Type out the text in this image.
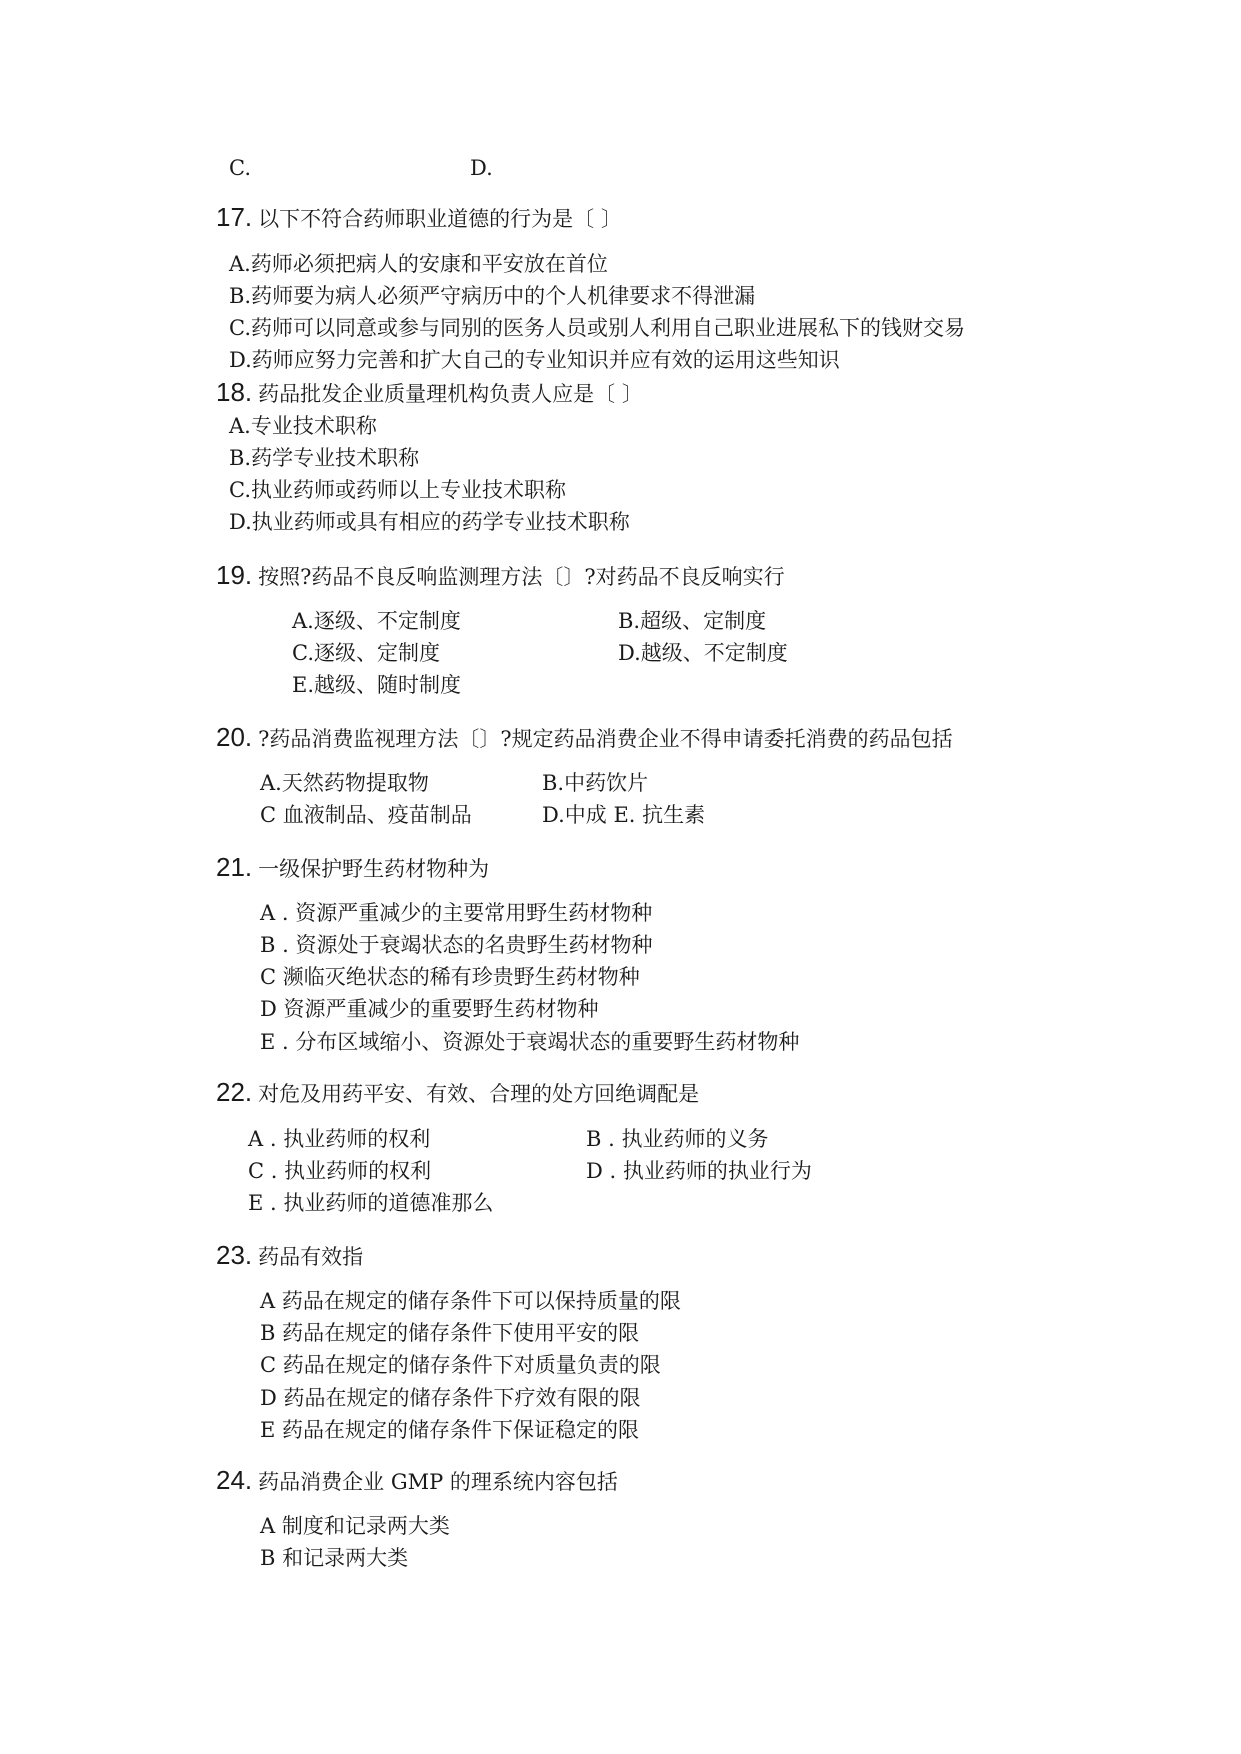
C.	D.
17. 以下不符合药师职业道德的行为是〔 〕
A.药师必须把病人的安康和平安放在首位
B.药师要为病人必须严守病历中的个人机律要求不得泄漏
C.药师可以同意或参与同别的医务人员或别人利用自己职业进展私下的钱财交易
D.药师应努力完善和扩大自己的专业知识并应有效的运用这些知识
18. 药品批发企业质量理机构负责人应是〔 〕
A.专业技术职称
B.药学专业技术职称
C.执业药师或药师以上专业技术职称
D.执业药师或具有相应的药学专业技术职称
19. 按照?药品不良反响监测理方法〔〕?对药品不良反响实行
A.逐级、不定制度	B.超级、定制度
C.逐级、定制度	D.越级、不定制度
E.越级、随时制度
20. ?药品消费监视理方法〔〕?规定药品消费企业不得申请委托消费的药品包括
A.天然药物提取物	B.中药饮片
C 血液制品、疫苗制品	D.中成 E. 抗生素
21. 一级保护野生药材物种为
A . 资源严重减少的主要常用野生药材物种
B . 资源处于衰竭状态的名贵野生药材物种
C 濒临灭绝状态的稀有珍贵野生药材物种
D 资源严重减少的重要野生药材物种
E . 分布区域缩小、资源处于衰竭状态的重要野生药材物种
22. 对危及用药平安、有效、合理的处方回绝调配是
A . 执业药师的权利	B . 执业药师的义务
C . 执业药师的权利	D . 执业药师的执业行为
E . 执业药师的道德准那么
23. 药品有效指
A 药品在规定的储存条件下可以保持质量的限
B 药品在规定的储存条件下使用平安的限
C 药品在规定的储存条件下对质量负责的限
D 药品在规定的储存条件下疗效有限的限
E 药品在规定的储存条件下保证稳定的限
24. 药品消费企业 GMP 的理系统内容包括
A 制度和记录两大类
B 和记录两大类
